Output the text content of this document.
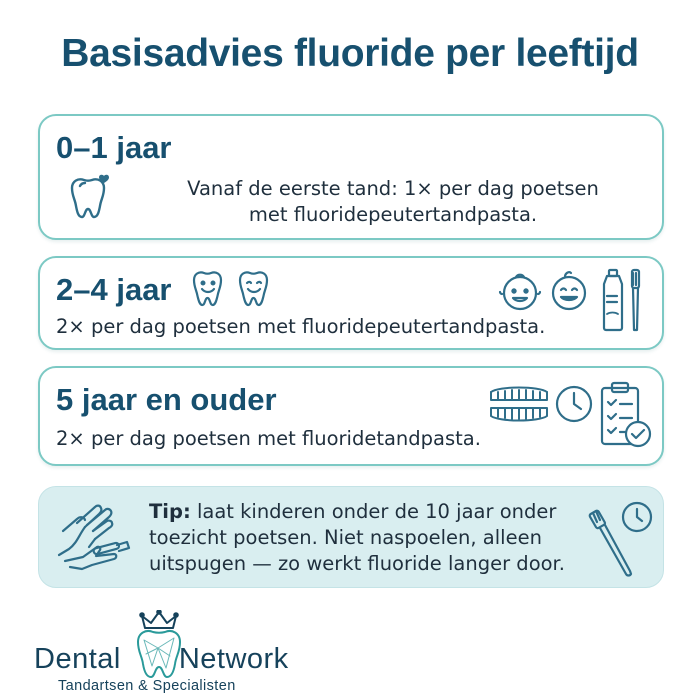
Basisadvies fluoride per leeftijd
0–1 jaar
Vanaf de eerste tand: 1× per dag poetsen
met fluoridepeutertandpasta.
2–4 jaar
2× per dag poetsen met fluoridepeutertandpasta.
5 jaar en ouder
2× per dag poetsen met fluoridetandpasta.
Tip: laat kinderen onder de 10 jaar onder
toezicht poetsen. Niet naspoelen, alleen
uitspugen — zo werkt fluoride langer door.
Dental Network
Tandartsen & Specialisten
